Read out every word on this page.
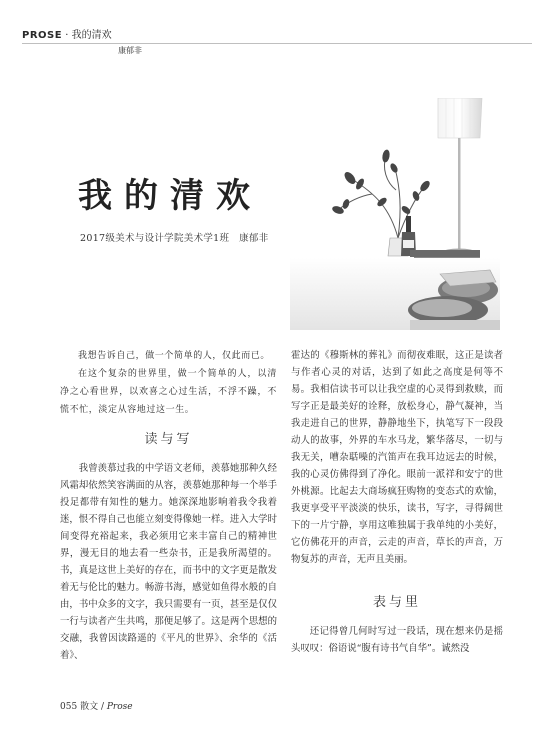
PROSE · 我的清欢
康郁非
我的清欢
2017级美术与设计学院美术学1班　康郁非

我想告诉自己，做一个简单的人，仅此而已。

在这个复杂的世界里，做一个简单的人，以清净之心看世界，以欢喜之心过生活，不浮不躁，不慌不忙，淡定从容地过这一生。

读与写

我曾羡慕过我的中学语文老师，羡慕她那种久经风霜却依然笑容满面的从容，羡慕她那种每一个举手投足都带有知性的魅力。她深深地影响着我令我着迷，恨不得自己也能立刻变得像她一样。进入大学时间变得充裕起来，我必须用它来丰富自己的精神世界，漫无目的地去看一些杂书，正是我所渴望的。书，真是这世上美好的存在，而书中的文字更是散发着无与伦比的魅力。畅游书海，感觉如鱼得水般的自由，书中众多的文字，我只需要有一页，甚至是仅仅一行与读者产生共鸣，那便足够了。这是两个思想的交融，我曾因读路遥的《平凡的世界》、余华的《活着》、

霍达的《穆斯林的葬礼》而彻夜难眠，这正是读者与作者心灵的对话，达到了如此之高度是何等不易。我相信读书可以让我空虚的心灵得到救赎，而写字正是最美好的诠释，放松身心，静气凝神，当我走进自己的世界，静静地坐下，执笔写下一段段动人的故事，外界的车水马龙，繁华落尽，一切与我无关，嘈杂聒噪的汽笛声在我耳边远去的时候，我的心灵仿佛得到了净化。眼前一派祥和安宁的世外桃源。比起去大商场疯狂购物的变态式的欢愉，我更享受平平淡淡的快乐，读书，写字，寻得阔世下的一片宁静，享用这唯独属于我单纯的小美好，它仿佛花开的声音，云走的声音，草长的声音，万物复苏的声音，无声且美丽。

表与里

还记得曾几何时写过一段话，现在想来仍是摇头叹叹：俗语说“腹有诗书气自华”。诚然没

055 散文 / Prose
